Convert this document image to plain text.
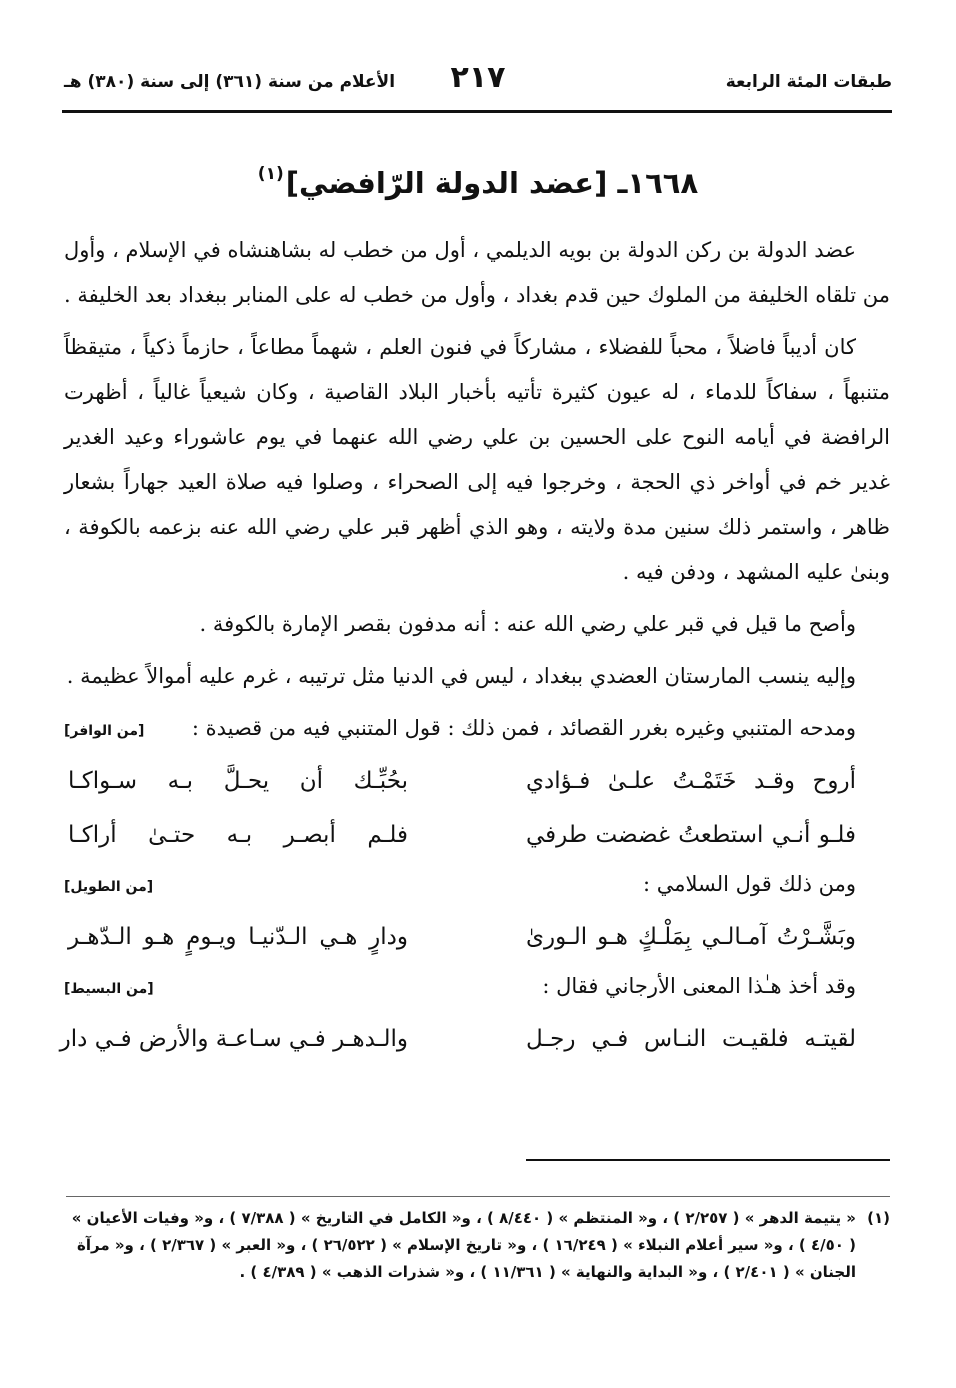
طبقات المئة الرابعة
٢١٧
الأعلام من سنة (٣٦١) إلى سنة (٣٨٠) هـ
١٦٦٨ـ [عضد الدولة الرّافضي]$^{(١)}$

عضد الدولة بن ركن الدولة بن بويه الديلمي ، أول من خطب له بشاهنشاه في الإسلام ، وأول من تلقاه الخليفة من الملوك حين قدم بغداد ، وأول من خطب له على المنابر ببغداد بعد الخليفة .

كان أديباً فاضلاً ، محباً للفضلاء ، مشاركاً في فنون العلم ، شهماً مطاعاً ، حازماً ذكياً ، متيقظاً متنبهاً ، سفاكاً للدماء ، له عيون كثيرة تأتيه بأخبار البلاد القاصية ، وكان شيعياً غالياً ، أظهرت الرافضة في أيامه النوح على الحسين بن علي رضي الله عنهما في يوم عاشوراء وعيد الغدير غدير خم في أواخر ذي الحجة ، وخرجوا فيه إلى الصحراء ، وصلوا فيه صلاة العيد جهاراً بشعار ظاهر ، واستمر ذلك سنين مدة ولايته ، وهو الذي أظهر قبر علي رضي الله عنه بزعمه بالكوفة ، وبنىٰ عليه المشهد ، ودفن فيه .

وأصح ما قيل في قبر علي رضي الله عنه : أنه مدفون بقصر الإمارة بالكوفة .

وإليه ينسب المارستان العضدي ببغداد ، ليس في الدنيا مثل ترتيبه ، غرم عليه أموالاً عظيمة .

ومدحه المتنبي وغيره بغرر القصائد ، فمن ذلك : قول المتنبي فيه من قصيدة :
[من الوافر]
أروح وقـد خَتَمْـتُ علـىٰ فـؤادي
بحُبِّـك أن يحـلَّ بـه سـواكـا
فلـو أنـي استطعتُ غضضت طرفي
فلـم أبصـر بـه حتـىٰ أراكـا
ومن ذلك قول السلامي :
[من الطويل]
وبَشَّـرْتُ آمـالـي بِمَلْـكٍ هـو الـورىٰ
ودارٍ هـي الـدّنيـا ويـومٍ هـو الـدّهـر
وقد أخذ هـٰذا المعنى الأرجاني فقال :
[من البسيط]
لقيتـه فلقيـت النـاس فـي رجـل
والـدهـر فـي سـاعـة والأرض فـي دار
(١)« يتيمة الدهر » ( ٢/٢٥٧ ) ، و« المنتظم » ( ٨/٤٤٠ ) ، و« الكامل في التاريخ » ( ٧/٣٨٨ ) ، و« وفيات الأعيان »
( ٤/٥٠ ) ، و« سير أعلام النبلاء » ( ١٦/٢٤٩ ) ، و« تاريخ الإسلام » ( ٢٦/٥٢٢ ) ، و« العبر » ( ٢/٣٦٧ ) ، و« مرآة
الجنان » ( ٢/٤٠١ ) ، و« البداية والنهاية » ( ١١/٣٦١ ) ، و« شذرات الذهب » ( ٤/٣٨٩ ) .
